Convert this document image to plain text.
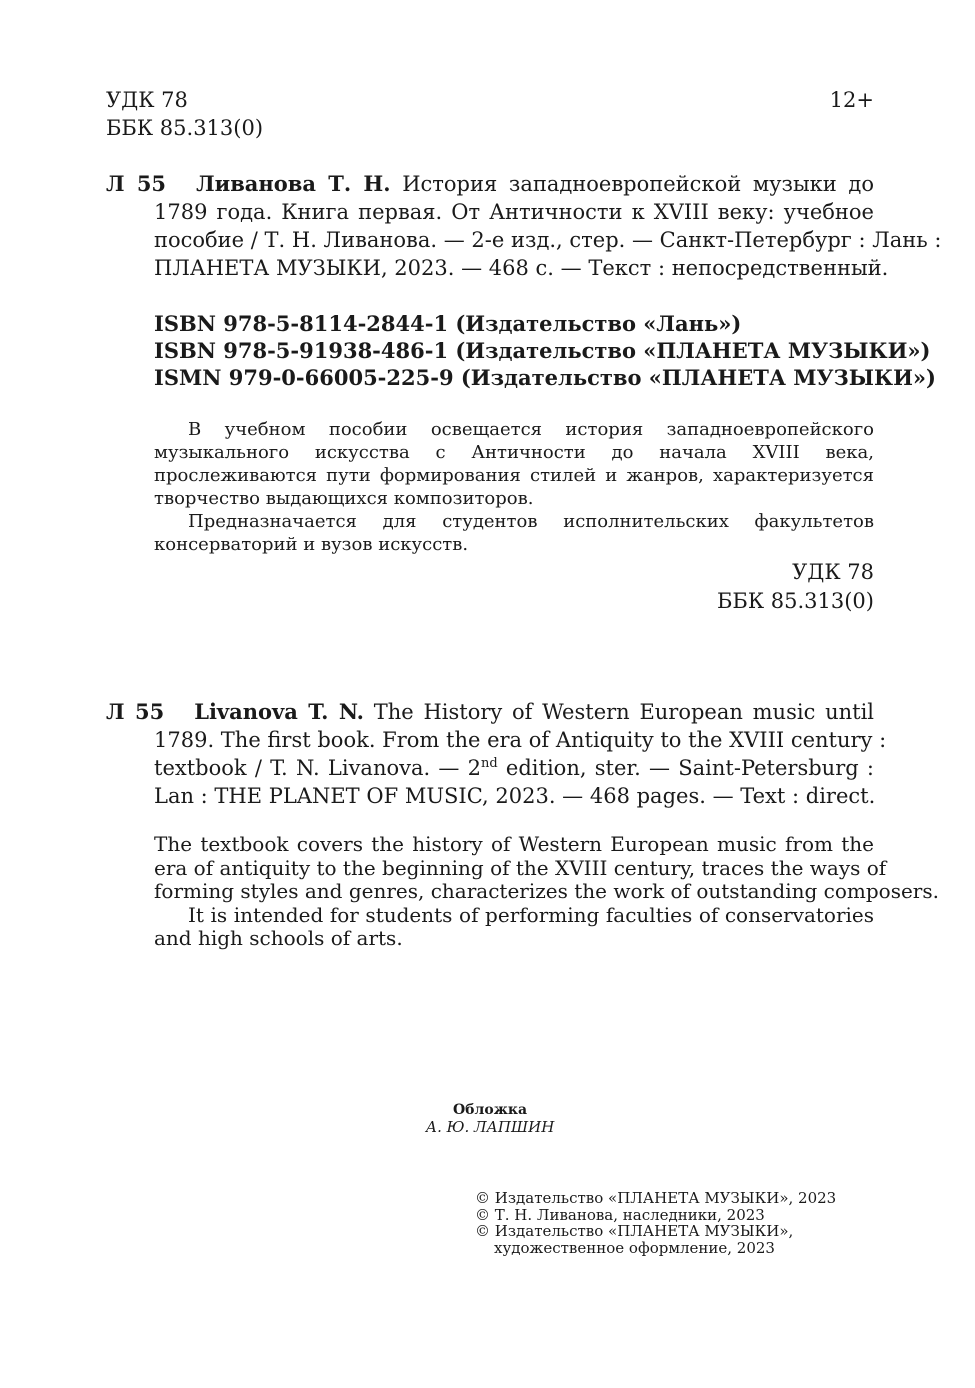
УДК 78
ББК 85.313(0)
12+
Л 55 Ливанова Т. Н. История западноевропейской музыки до
1789 года. Книга первая. От Античности к XVIII веку: учебное
пособие / Т. Н. Ливанова. — 2-е изд., стер. — Санкт-Петербург : Лань :
ПЛАНЕТА МУЗЫКИ, 2023. — 468 с. — Текст : непосредственный.
ISBN 978-5-8114-2844-1 (Издательство «Лань»)
ISBN 978-5-91938-486-1 (Издательство «ПЛАНЕТА МУЗЫКИ»)
ISMN 979-0-66005-225-9 (Издательство «ПЛАНЕТА МУЗЫКИ»)
В учебном пособии освещается история западноевропейского
музыкального искусства с Античности до начала XVIII века,
прослеживаются пути формирования стилей и жанров, характеризуется
творчество выдающихся композиторов.
Предназначается для студентов исполнительских факультетов
консерваторий и вузов искусств.
УДК 78
ББК 85.313(0)
Л 55 Livanova T. N. The History of Western European music until
1789. The first book. From the era of Antiquity to the XVIII century :
textbook / T. N. Livanova. — 2nd edition, ster. — Saint-Petersburg :
Lan : THE PLANET OF MUSIC, 2023. — 468 pages. — Text : direct.
The textbook covers the history of Western European music from the
era of antiquity to the beginning of the XVIII century, traces the ways of
forming styles and genres, characterizes the work of outstanding composers.
It is intended for students of performing faculties of conservatories
and high schools of arts.
Обложка
А. Ю. ЛАПШИН
© Издательство «ПЛАНЕТА МУЗЫКИ», 2023
© Т. Н. Ливанова, наследники, 2023
© Издательство «ПЛАНЕТА МУЗЫКИ»,
художественное оформление, 2023
